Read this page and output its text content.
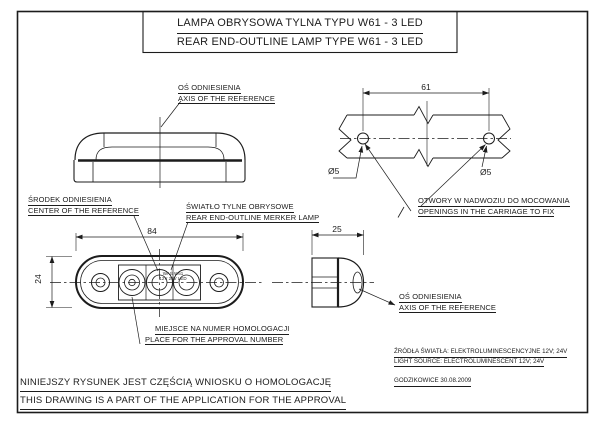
LAMPA OBRYSOWA TYLNA TYPU W61 - 3 LED
REAR END-OUTLINE LAMP TYPE W61 - 3 LED
OŚ ODNIESIENIA
AXIS OF THE REFERENCE
ŚRODEK ODNIESIENIA
CENTER OF THE REFERENCE	ŚWIATŁO TYLNE OBRYSOWE
REAR END-OUTLINE MERKER LAMP
OTWORY W NADWOZIU DO MOCOWANIA
OPENINGS IN THE CARRIAGE TO FIX
OŚ ODNIESIENIA
AXIS OF THE REFERENCE
MIEJSCE NA NUMER HOMOLOGACJI
PLACE FOR THE APPROVAL NUMBER
84
24
25
61
Ø5	Ø5
WAŚ W61
12V 24V LED
ŹRÓDŁA ŚWIATŁA: ELEKTROLUMINESCENCYJNE 12V; 24V
LIGHT SOURCE: ELECTROLUMINESCENT 12V; 24V
GODZIKOWICE 30.08.2009
NINIEJSZY RYSUNEK JEST CZĘŚCIĄ WNIOSKU O HOMOLOGACJĘ
THIS DRAWING IS A PART OF THE APPLICATION FOR THE APPROVAL
